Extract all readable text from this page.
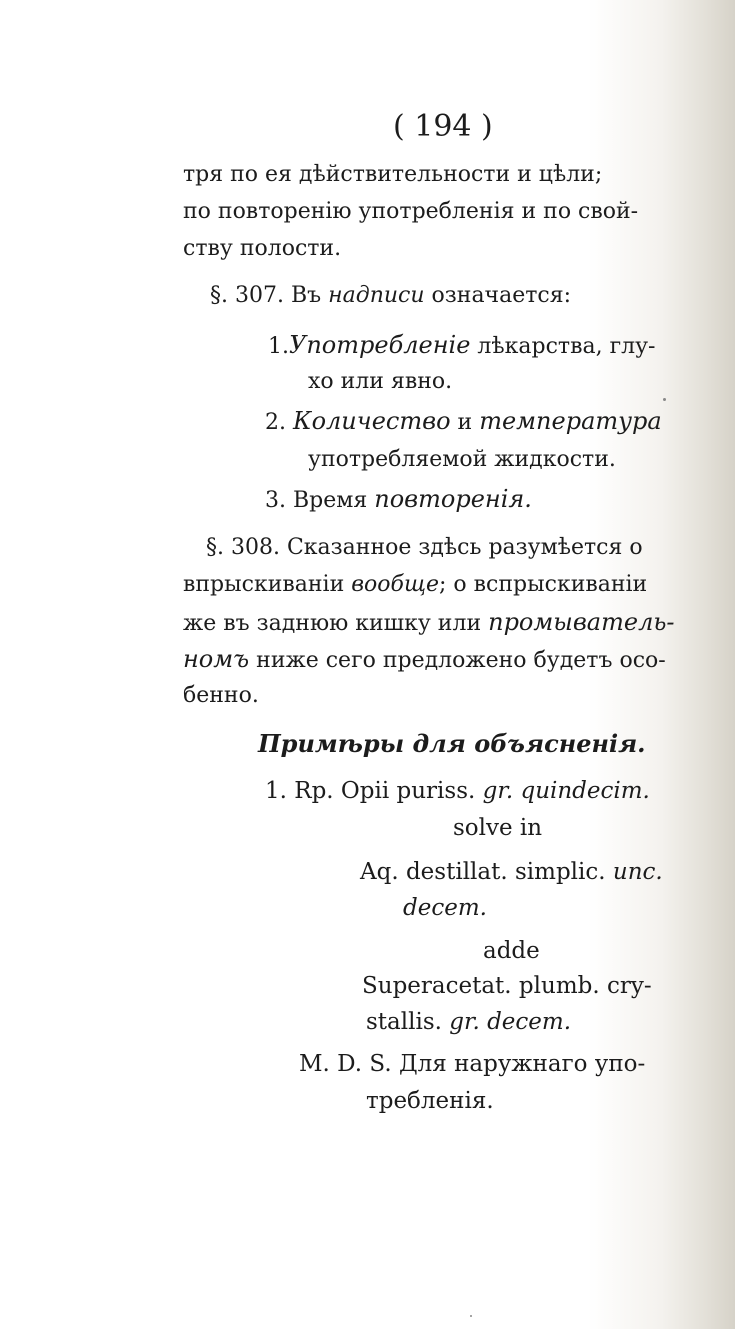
( 194 )
тря по ея дѣйствительности и цѣли;
по повторенію употребленія и по свой-
ству полости.
§. 307. Въ надписи означается:
1.Употребленіе лѣкарства, глу-
хо или явно.
2. Количество и температура
употребляемой жидкости.
3. Время повторенія.
§. 308. Сказанное здѣсь разумѣется о
впрыскиваніи вообще; о вспрыскиваніи
же въ заднюю кишку или промыватель-
номъ ниже сего предложено будетъ осо-
бенно.
Примѣры для объясненія.
1. Rp. Opii puriss. gr. quindecim.
solve in
Aq. destillat. simplic. unc.
decem.
adde
Superacetat. plumb. cry-
stallis. gr. decem.
M. D. S. Для наружнаго упо-
требленія.
